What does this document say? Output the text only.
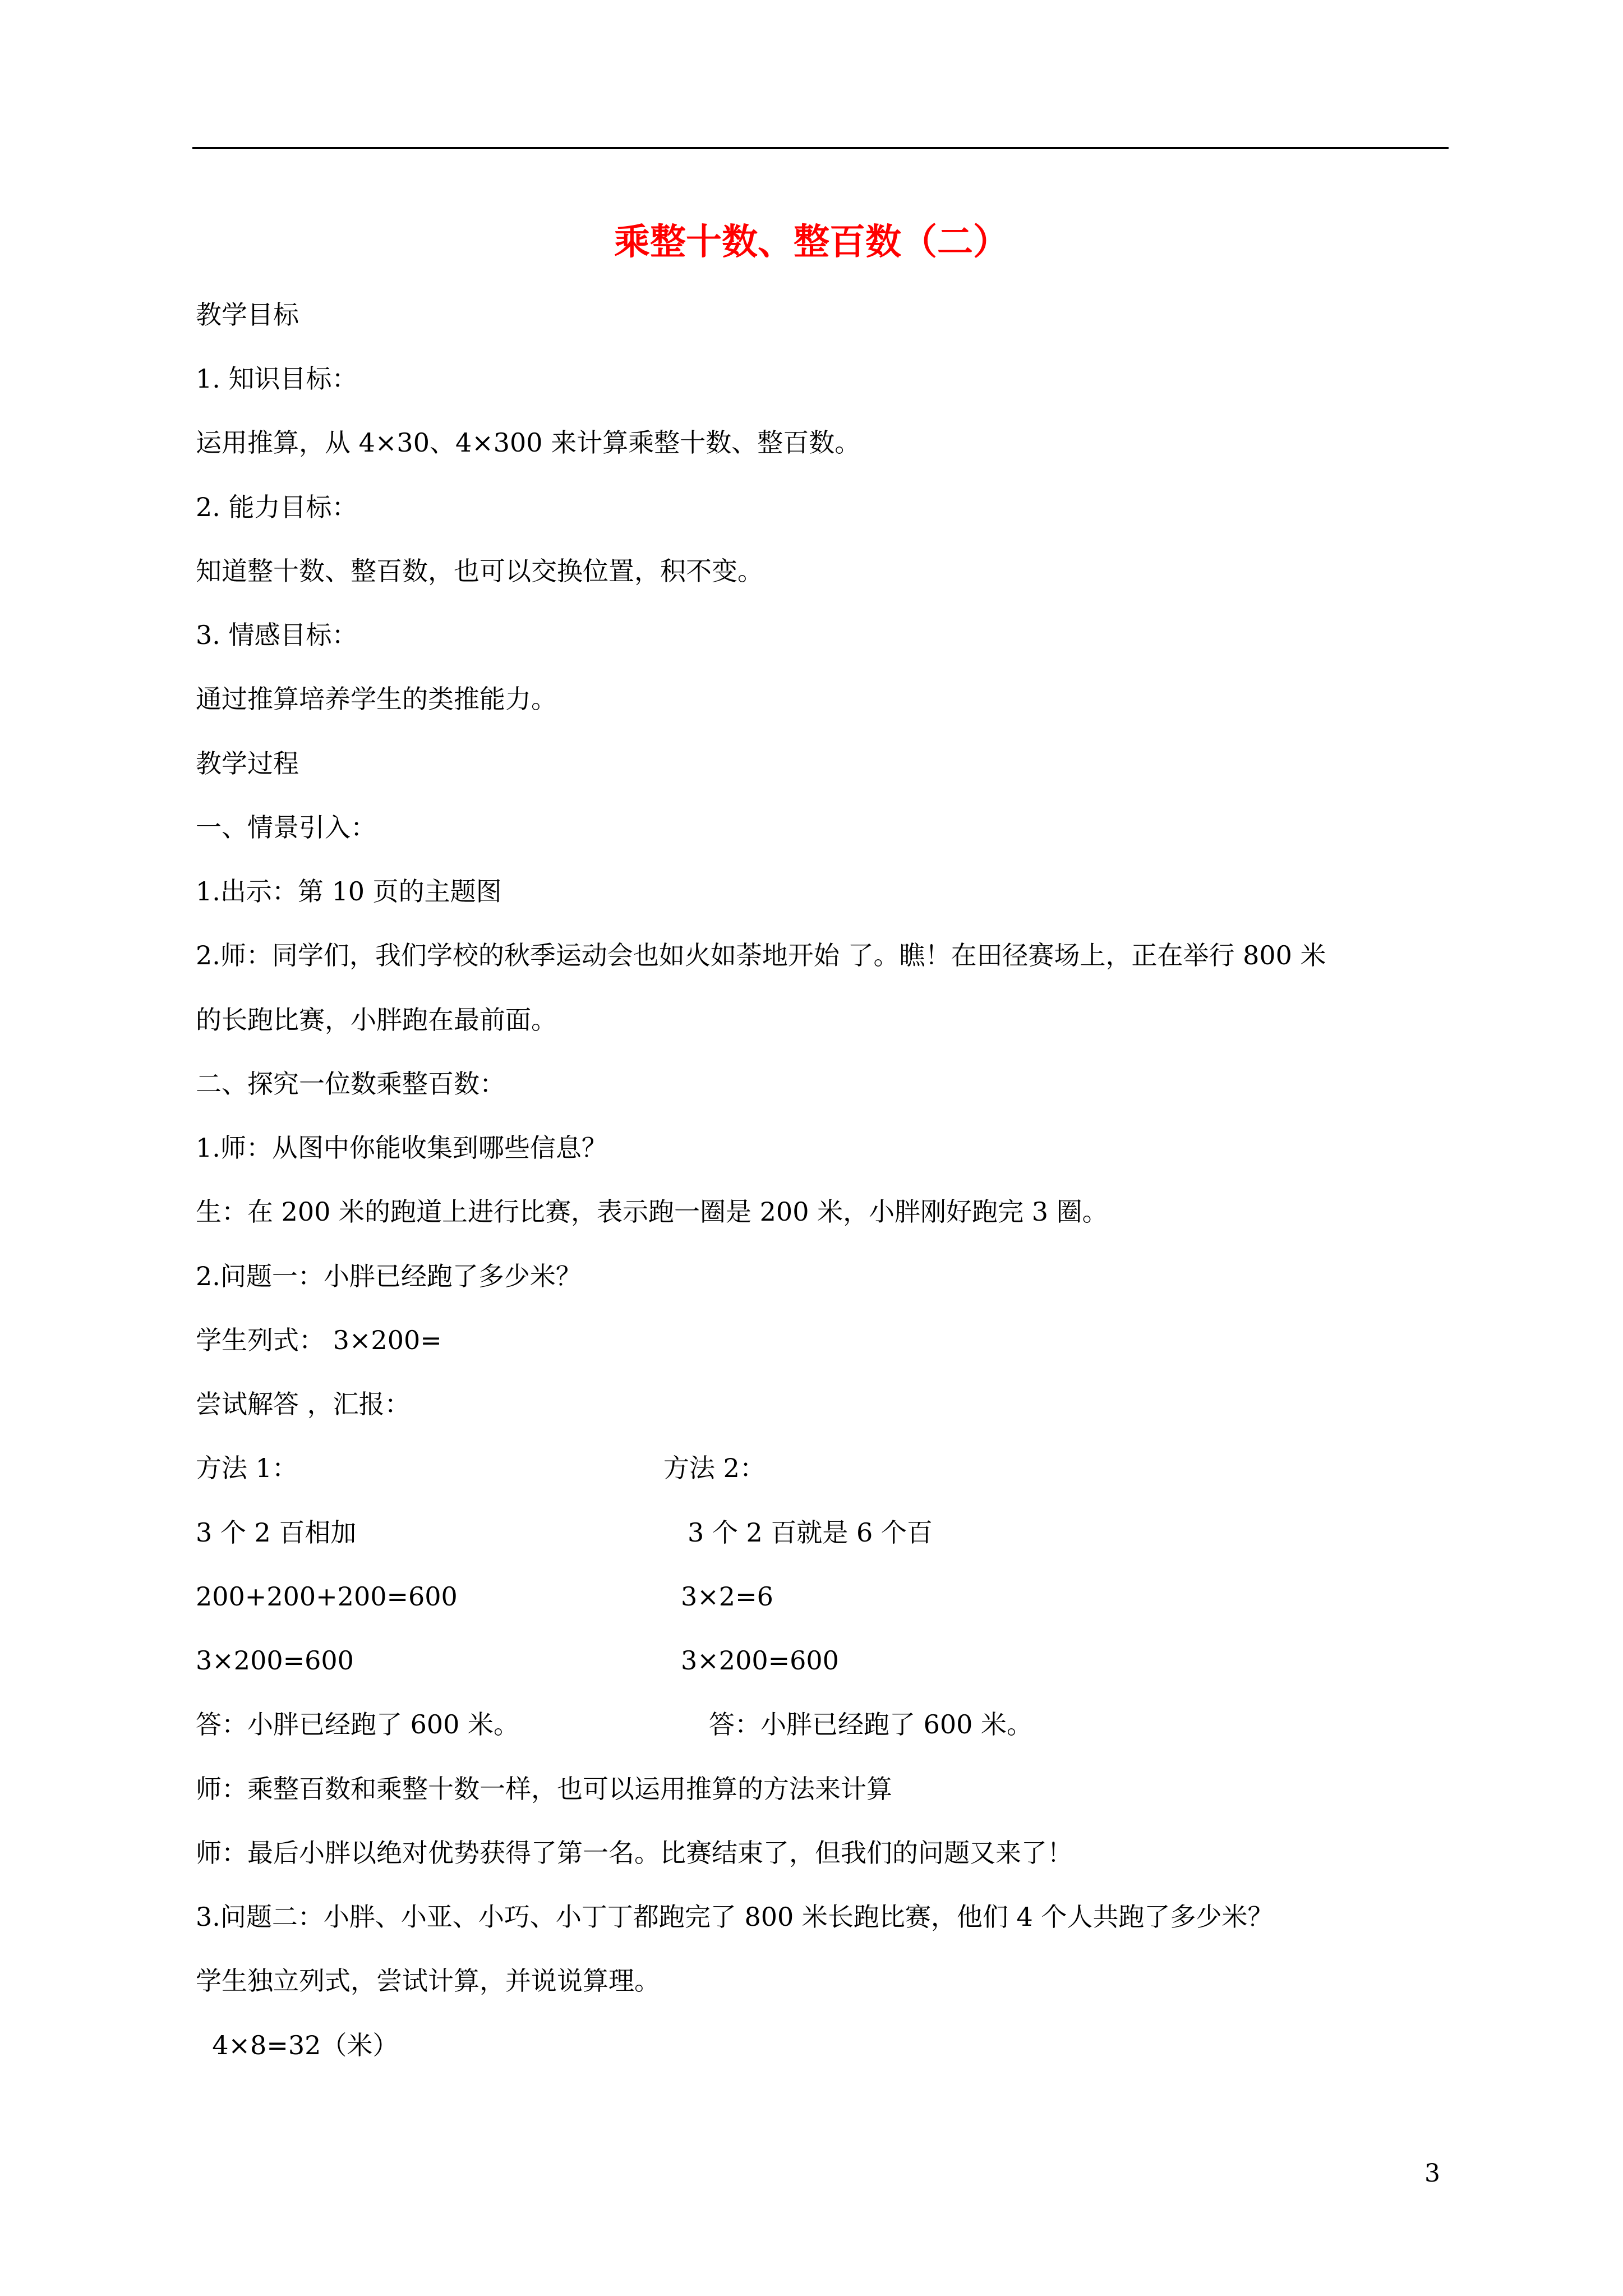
乘整十数、整百数（二）
教学目标
1. 知识目标：
运用推算，从 4×30、4×300 来计算乘整十数、整百数。
2. 能力目标：
知道整十数、整百数，也可以交换位置，积不变。
3. 情感目标：
通过推算培养学生的类推能力。
教学过程
一、情景引入：
1.出示：第 10 页的主题图
2.师：同学们，我们学校的秋季运动会也如火如荼地开始 了。瞧！在田径赛场上，正在举行 800 米
的长跑比赛，小胖跑在最前面。
二、探究一位数乘整百数：
1.师：从图中你能收集到哪些信息？
生：在 200 米的跑道上进行比赛，表示跑一圈是 200 米，小胖刚好跑完 3 圈。
2.问题一：小胖已经跑了多少米？
学生列式： 3×200=
尝试解答 ，汇报：
方法 1：	方法 2：
3 个 2 百相加	3 个 2 百就是 6 个百
200+200+200=600	3×2=6
3×200=600	3×200=600
答：小胖已经跑了 600 米。	答：小胖已经跑了 600 米。
师：乘整百数和乘整十数一样，也可以运用推算的方法来计算
师：最后小胖以绝对优势获得了第一名。比赛结束了，但我们的问题又来了！
3.问题二：小胖、小亚、小巧、小丁丁都跑完了 800 米长跑比赛，他们 4 个人共跑了多少米？
学生独立列式，尝试计算，并说说算理。
4×8=32（米）
3
